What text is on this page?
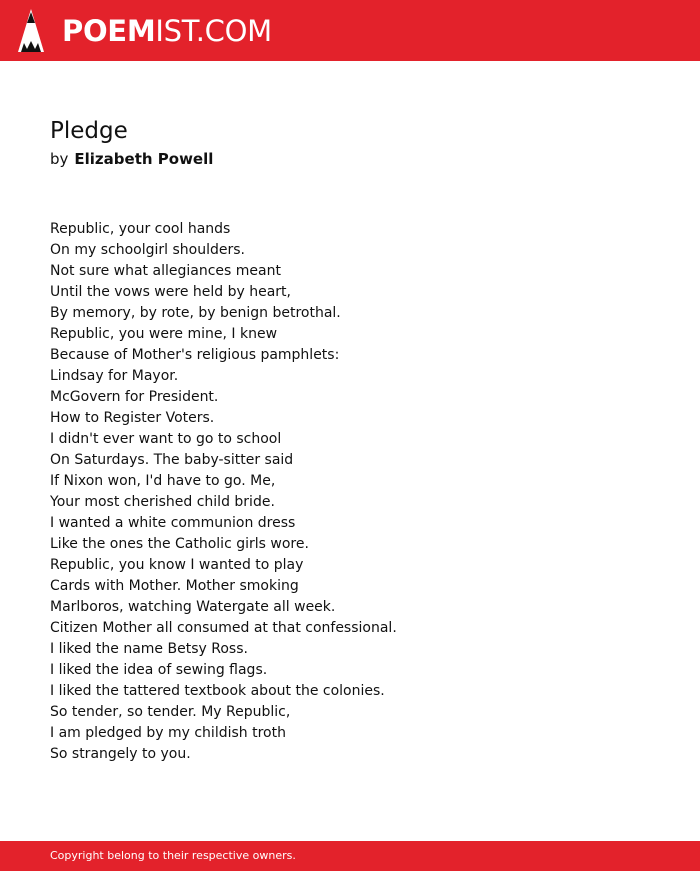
POEMIST.COM
Pledge
by Elizabeth Powell
Republic, your cool hands
On my schoolgirl shoulders.
Not sure what allegiances meant
Until the vows were held by heart,
By memory, by rote, by benign betrothal.
Republic, you were mine, I knew
Because of Mother's religious pamphlets:
Lindsay for Mayor.
McGovern for President.
How to Register Voters.
I didn't ever want to go to school
On Saturdays. The baby-sitter said
If Nixon won, I'd have to go. Me,
Your most cherished child bride.
I wanted a white communion dress
Like the ones the Catholic girls wore.
Republic, you know I wanted to play
Cards with Mother. Mother smoking
Marlboros, watching Watergate all week.
Citizen Mother all consumed at that confessional.
I liked the name Betsy Ross.
I liked the idea of sewing flags.
I liked the tattered textbook about the colonies.
So tender, so tender. My Republic,
I am pledged by my childish troth
So strangely to you.
Copyright belong to their respective owners.
